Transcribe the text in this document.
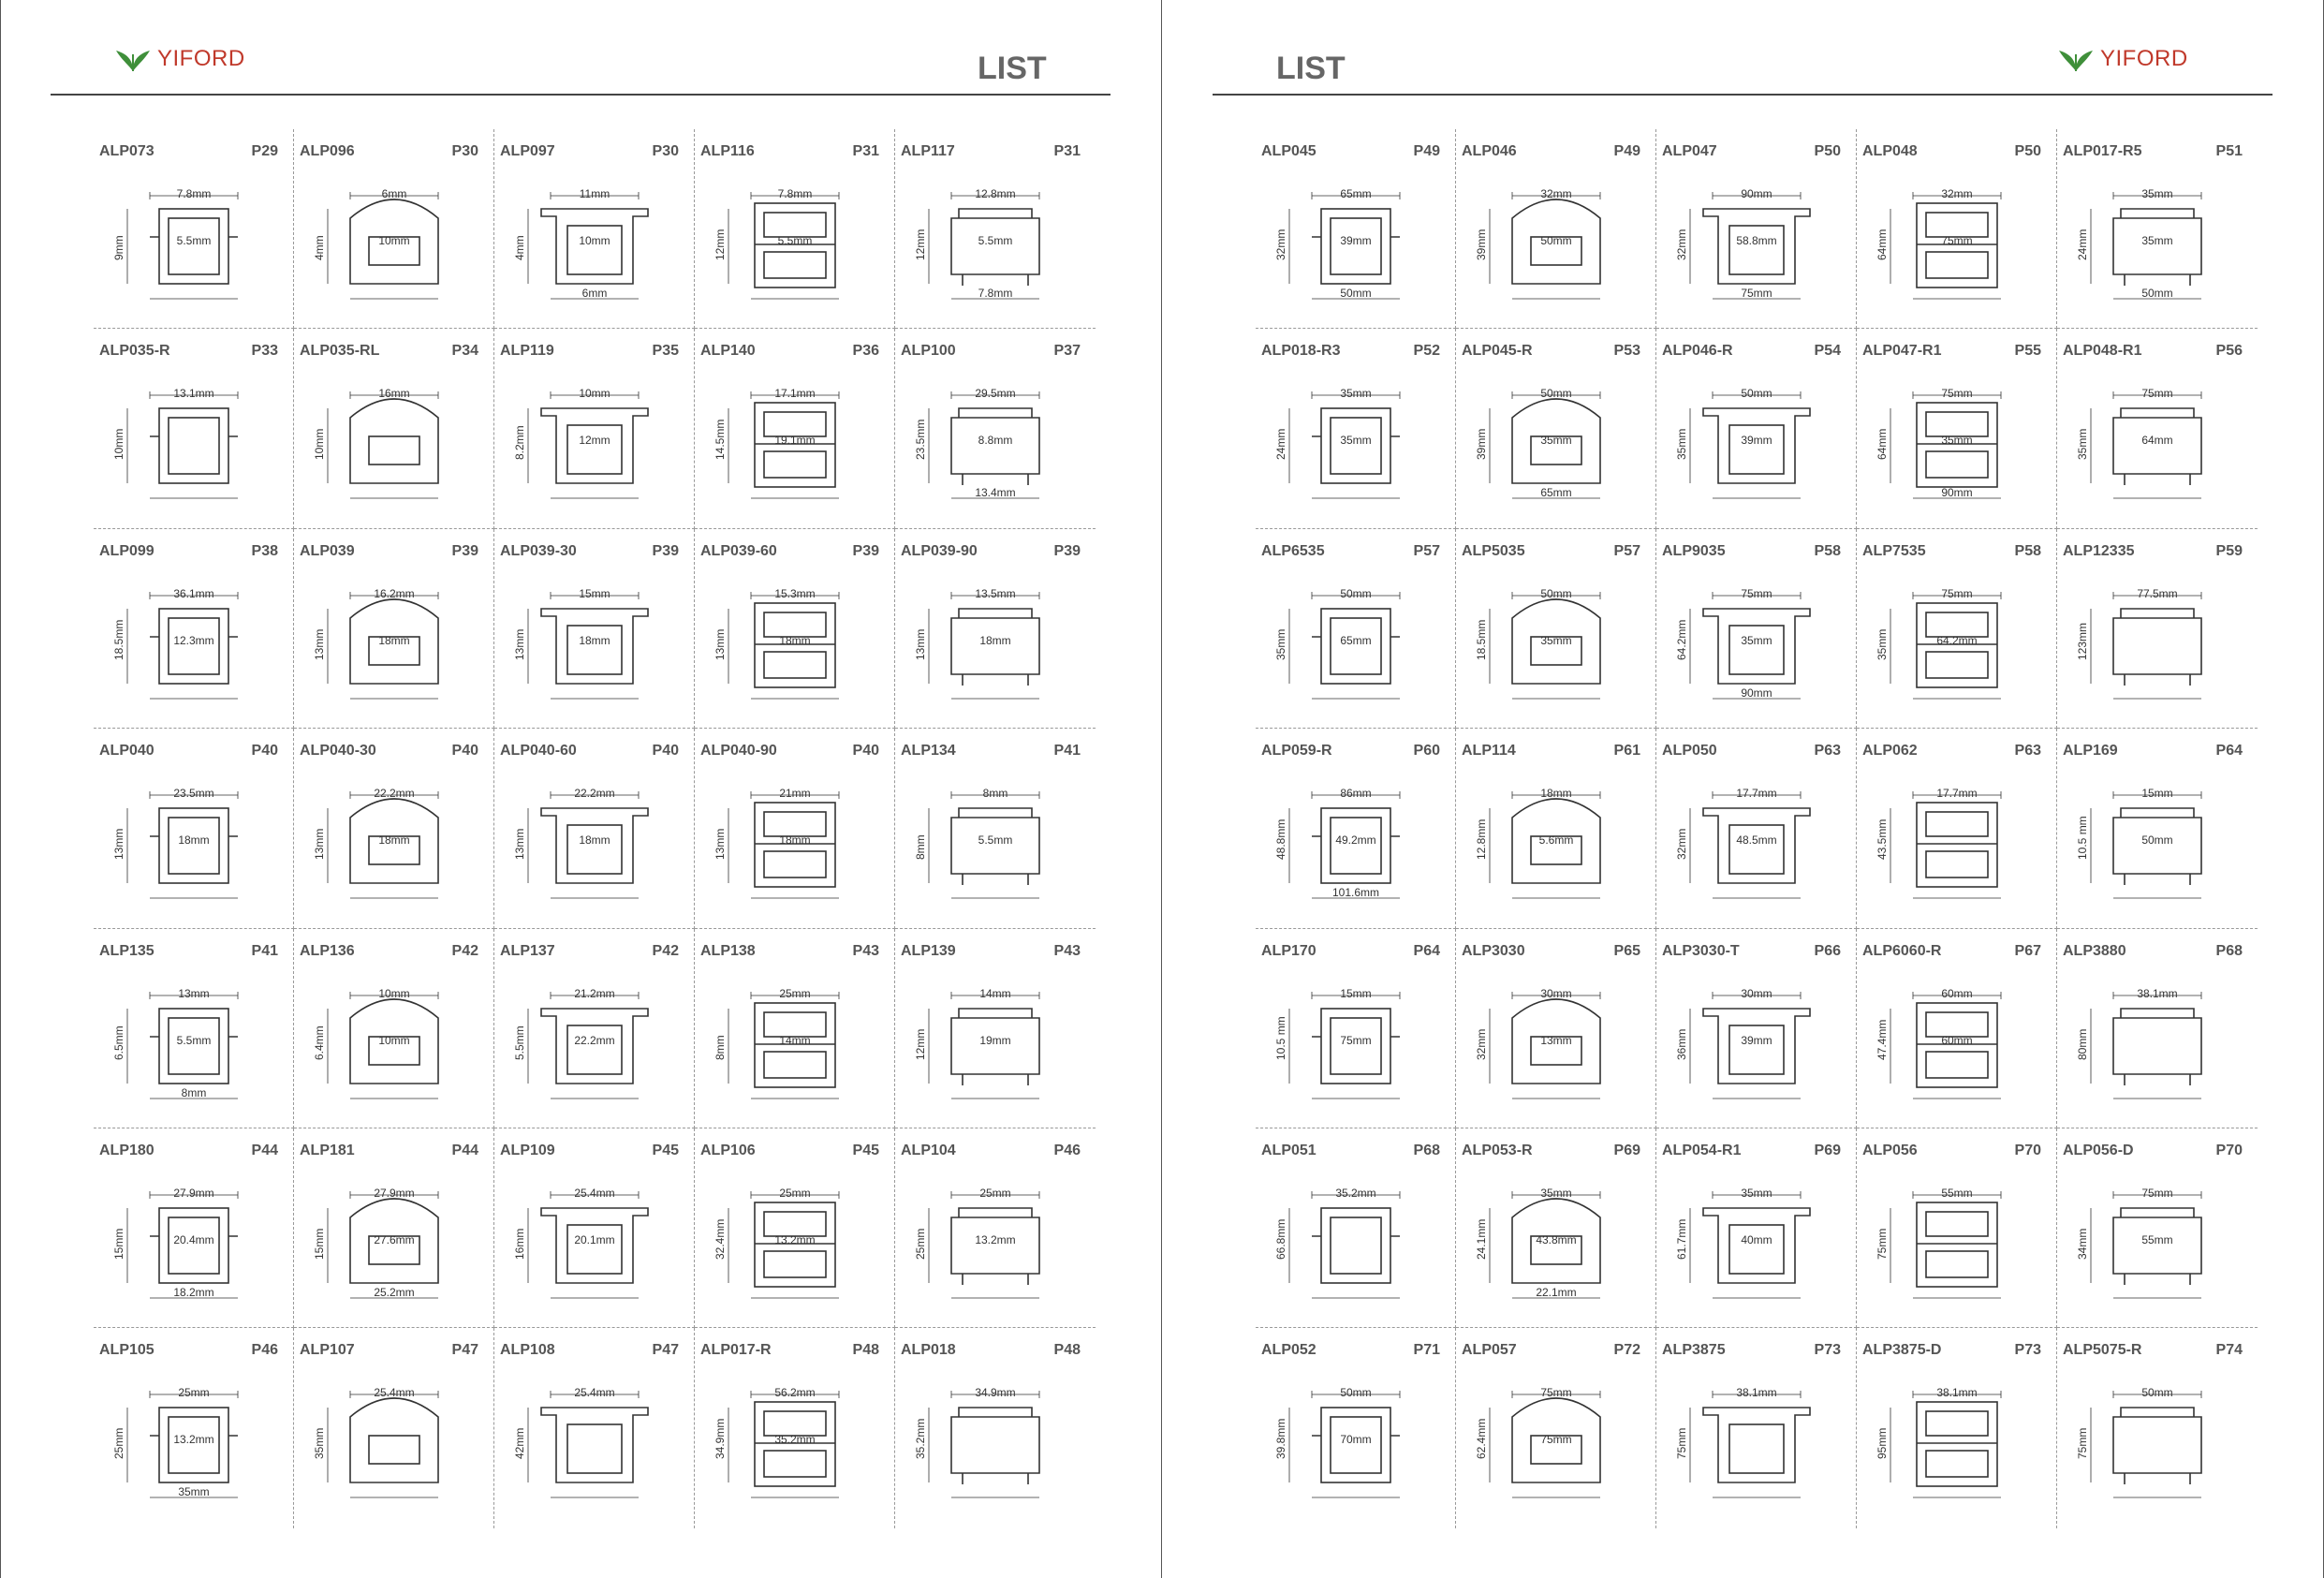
YIFORD	LIST
ALP073	P29
7.8mm
9mm	5.5mm
ALP096	P30
6mm
4mm	10mm
ALP097	P30
11mm
4mm	10mm
6mm
ALP116	P31
7.8mm
12mm	5.5mm
ALP117	P31
12.8mm
12mm	5.5mm
7.8mm
ALP035-R	P33
13.1mm
10mm
ALP035-RL	P34
16mm
10mm
ALP119	P35
10mm
8.2mm	12mm
ALP140	P36
17.1mm
14.5mm	19.1mm
ALP100	P37
29.5mm
23.5mm	8.8mm
13.4mm
ALP099	P38
36.1mm
18.5mm	12.3mm
ALP039	P39
16.2mm
13mm	18mm
ALP039-30	P39
15mm
13mm	18mm
ALP039-60	P39
15.3mm
13mm	18mm
ALP039-90	P39
13.5mm
13mm	18mm
ALP040	P40
23.5mm
13mm	18mm
ALP040-30	P40
22.2mm
13mm	18mm
ALP040-60	P40
22.2mm
13mm	18mm
ALP040-90	P40
21mm
13mm	18mm
ALP134	P41
8mm
8mm	5.5mm
ALP135	P41
13mm
6.5mm	5.5mm
8mm
ALP136	P42
10mm
6.4mm	10mm
ALP137	P42
21.2mm
5.5mm	22.2mm
ALP138	P43
25mm
8mm	14mm
ALP139	P43
14mm
12mm	19mm
ALP180	P44
27.9mm
15mm	20.4mm
18.2mm
ALP181	P44
27.9mm
15mm	27.6mm
25.2mm
ALP109	P45
25.4mm
16mm	20.1mm
ALP106	P45
25mm
32.4mm	13.2mm
ALP104	P46
25mm
25mm	13.2mm
ALP105	P46
25mm
25mm	13.2mm
35mm
ALP107	P47
25.4mm
35mm
ALP108	P47
25.4mm
42mm
ALP017-R	P48
56.2mm
34.9mm	35.2mm
ALP018	P48
34.9mm
35.2mm
LIST	YIFORD
ALP045	P49
65mm
32mm	39mm
50mm
ALP046	P49
32mm
39mm	50mm
ALP047	P50
90mm
32mm	58.8mm
75mm
ALP048	P50
32mm
64mm	75mm
ALP017-R5	P51
35mm
24mm	35mm
50mm
ALP018-R3	P52
35mm
24mm	35mm
ALP045-R	P53
50mm
39mm	35mm
65mm
ALP046-R	P54
50mm
35mm	39mm
ALP047-R1	P55
75mm
64mm	35mm
90mm
ALP048-R1	P56
75mm
35mm	64mm
ALP6535	P57
50mm
35mm	65mm
ALP5035	P57
50mm
18.5mm	35mm
ALP9035	P58
75mm
64.2mm	35mm
90mm
ALP7535	P58
75mm
35mm	64.2mm
ALP12335	P59
77.5mm
123mm
ALP059-R	P60
86mm
48.8mm	49.2mm
101.6mm
ALP114	P61
18mm
12.8mm	5.6mm
ALP050	P63
17.7mm
32mm	48.5mm
ALP062	P63
17.7mm
43.5mm
ALP169	P64
15mm
10.5 mm	50mm
ALP170	P64
15mm
10.5 mm	75mm
ALP3030	P65
30mm
32mm	13mm
ALP3030-T	P66
30mm
36mm	39mm
ALP6060-R	P67
60mm
47.4mm	60mm
ALP3880	P68
38.1mm
80mm
ALP051	P68
35.2mm
66.8mm
ALP053-R	P69
35mm
24.1mm	43.8mm
22.1mm
ALP054-R1	P69
35mm
61.7mm	40mm
ALP056	P70
55mm
75mm
ALP056-D	P70
75mm
34mm	55mm
ALP052	P71
50mm
39.8mm	70mm
ALP057	P72
75mm
62.4mm	75mm
ALP3875	P73
38.1mm
75mm
ALP3875-D	P73
38.1mm
95mm
ALP5075-R	P74
50mm
75mm
